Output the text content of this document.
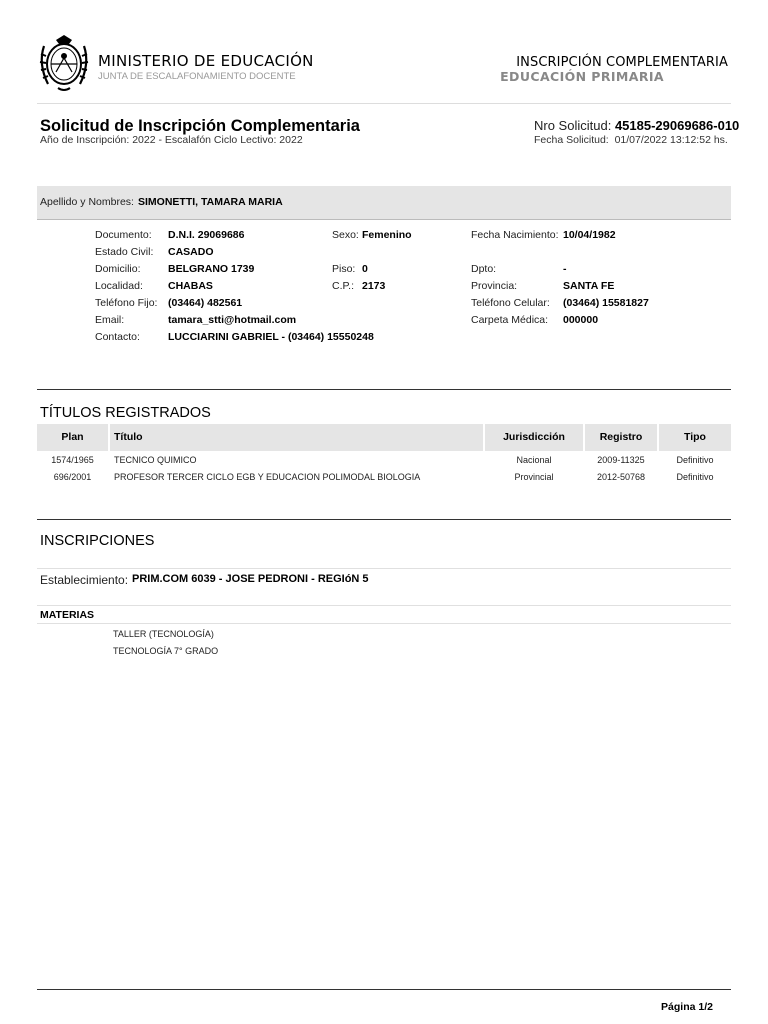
MINISTERIO DE EDUCACIÓN
JUNTA DE ESCALAFONAMIENTO DOCENTE
INSCRIPCIÓN COMPLEMENTARIA
EDUCACIÓN PRIMARIA
Solicitud de Inscripción Complementaria
Año de Inscripción: 2022 - Escalafón Ciclo Lectivo: 2022
Nro Solicitud: 45185-29069686-010
Fecha Solicitud: 01/07/2022 13:12:52 hs.
Apellido y Nombres: SIMONETTI, TAMARA MARIA
Documento: D.N.I. 29069686	Sexo: Femenino	Fecha Nacimiento: 10/04/1982
Estado Civil: CASADO
Domicilio:	BELGRANO 1739	Piso: 0	Dpto:	-
Localidad: CHABAS	C.P.: 2173	Provincia:	SANTA FE
Teléfono Fijo: (03464) 482561	Teléfono Celular: (03464) 15581827
Email:	tamara_stti@hotmail.com	Carpeta Médica: 000000
Contacto:	LUCCIARINI GABRIEL - (03464) 15550248
TÍTULOS REGISTRADOS
Plan	Título	Jurisdicción	Registro	Tipo
1574/1965	TECNICO QUIMICO	Nacional	2009-11325	Definitivo
696/2001	PROFESOR TERCER CICLO EGB Y EDUCACION POLIMODAL BIOLOGIA	Provincial	2012-50768	Definitivo
INSCRIPCIONES
Establecimiento: PRIM.COM 6039 - JOSE PEDRONI - REGIóN 5
MATERIAS
TALLER (TECNOLOGÍA)
TECNOLOGÍA 7° GRADO
Página 1/2
